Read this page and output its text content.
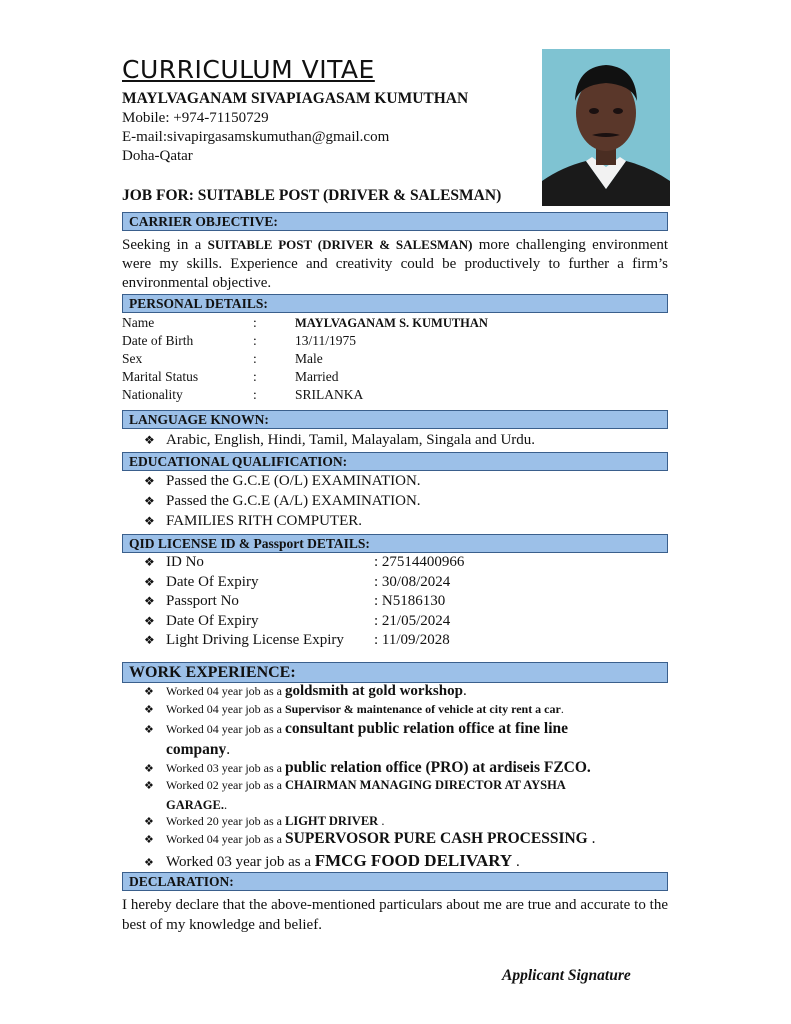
CURRICULUM VITAE
MAYLVAGANAM SIVAPIAGASAM KUMUTHAN
Mobile: +974-71150729
E-mail:sivapirgasamskumuthan@gmail.com
Doha-Qatar
JOB FOR: SUITABLE POST (DRIVER & SALESMAN)
CARRIER OBJECTIVE:
Seeking in a SUITABLE POST (DRIVER & SALESMAN) more challenging environment were my skills. Experience and creativity could be productively to further a firm’s environmental objective.
PERSONAL DETAILS:
Name	:	MAYLVAGANAM S. KUMUTHAN
Date of Birth	:	13/11/1975
Sex	:	Male
Marital Status	:	Married
Nationality	:	SRILANKA
LANGUAGE KNOWN:
❖ Arabic, English, Hindi, Tamil, Malayalam, Singala and Urdu.
EDUCATIONAL QUALIFICATION:
❖ Passed the G.C.E (O/L) EXAMINATION.
❖ Passed the G.C.E (A/L) EXAMINATION.
❖ FAMILIES RITH COMPUTER.
QID LICENSE ID & Passport DETAILS:
❖ ID No	: 27514400966
❖ Date Of Expiry	: 30/08/2024
❖ Passport No	: N5186130
❖ Date Of Expiry	: 21/05/2024
❖ Light Driving License Expiry : 11/09/2028
WORK EXPERIENCE:
❖ Worked 04 year job as a goldsmith at gold workshop.
❖ Worked 04 year job as a Supervisor & maintenance of vehicle at city rent a car.
❖ Worked 04 year job as a consultant public relation office at fine line
company.
❖ Worked 03 year job as a public relation office (PRO) at ardiseis FZCO.
❖ Worked 02 year job as a CHAIRMAN MANAGING DIRECTOR AT AYSHA
GARAGE..
❖ Worked 20 year job as a LIGHT DRIVER .
❖ Worked 04 year job as a SUPERVOSOR PURE CASH PROCESSING .
❖ Worked 03 year job as a FMCG FOOD DELIVARY .
DECLARATION:
I hereby declare that the above-mentioned particulars about me are true and accurate to the best of my knowledge and belief.
Applicant Signature
